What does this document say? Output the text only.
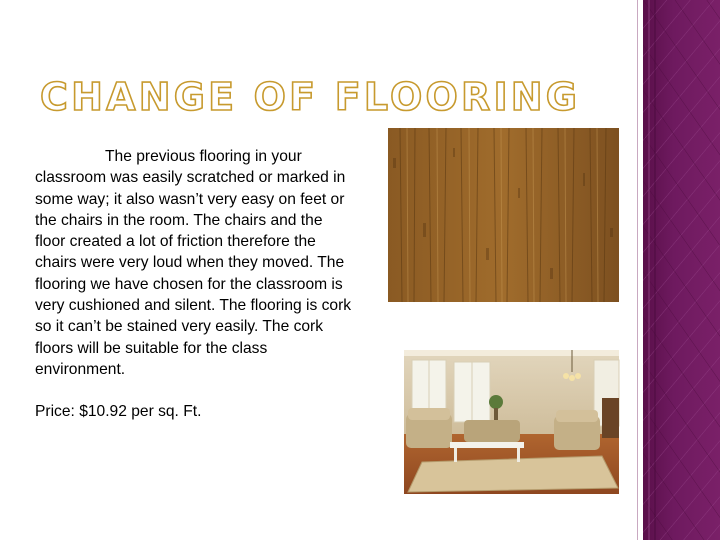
CHANGE OF FLOORING

The previous flooring in your classroom was easily scratched or marked in some way; it also wasn’t very easy on feet or the chairs in the room. The chairs and the floor created a lot of friction therefore the chairs were very loud when they moved. The flooring we have chosen for the classroom is very cushioned and silent. The flooring is cork so it can’t be stained very easily. The cork floors will be suitable for the class environment.

Price: $10.92 per sq. Ft.
